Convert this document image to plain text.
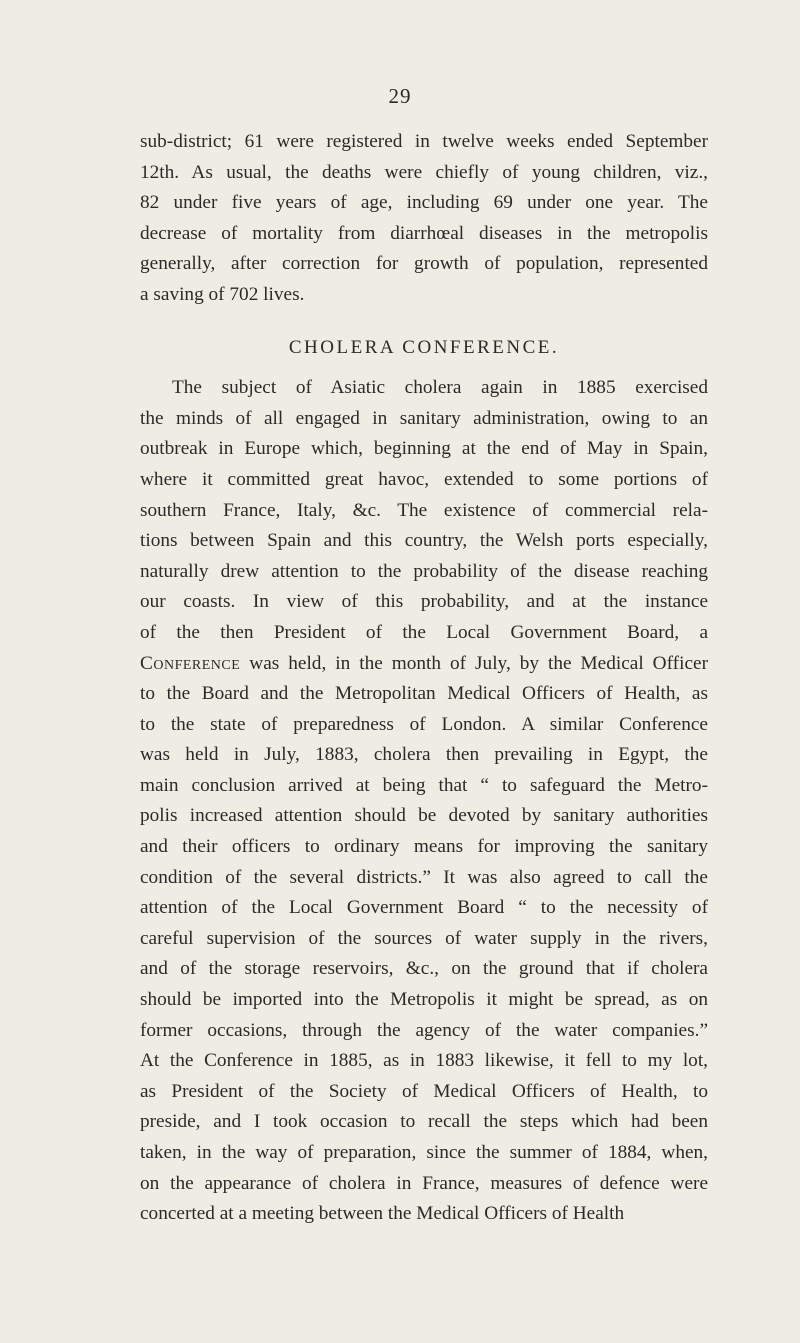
29

sub-district; 61 were registered in twelve weeks ended September
12th. As usual, the deaths were chiefly of young children, viz.,
82 under five years of age, including 69 under one year. The
decrease of mortality from diarrhœal diseases in the metropolis
generally, after correction for growth of population, represented
a saving of 702 lives.

CHOLERA CONFERENCE.

The subject of Asiatic cholera again in 1885 exercised
the minds of all engaged in sanitary administration, owing to an
outbreak in Europe which, beginning at the end of May in Spain,
where it committed great havoc, extended to some portions of
southern France, Italy, &c. The existence of commercial rela-
tions between Spain and this country, the Welsh ports especially,
naturally drew attention to the probability of the disease reaching
our coasts. In view of this probability, and at the instance
of the then President of the Local Government Board, a
Conference was held, in the month of July, by the Medical Officer
to the Board and the Metropolitan Medical Officers of Health, as
to the state of preparedness of London. A similar Conference
was held in July, 1883, cholera then prevailing in Egypt, the
main conclusion arrived at being that “ to safeguard the Metro-
polis increased attention should be devoted by sanitary authorities
and their officers to ordinary means for improving the sanitary
condition of the several districts.” It was also agreed to call the
attention of the Local Government Board “ to the necessity of
careful supervision of the sources of water supply in the rivers,
and of the storage reservoirs, &c., on the ground that if cholera
should be imported into the Metropolis it might be spread, as on
former occasions, through the agency of the water companies.”
At the Conference in 1885, as in 1883 likewise, it fell to my lot,
as President of the Society of Medical Officers of Health, to
preside, and I took occasion to recall the steps which had been
taken, in the way of preparation, since the summer of 1884, when,
on the appearance of cholera in France, measures of defence were
concerted at a meeting between the Medical Officers of Health
